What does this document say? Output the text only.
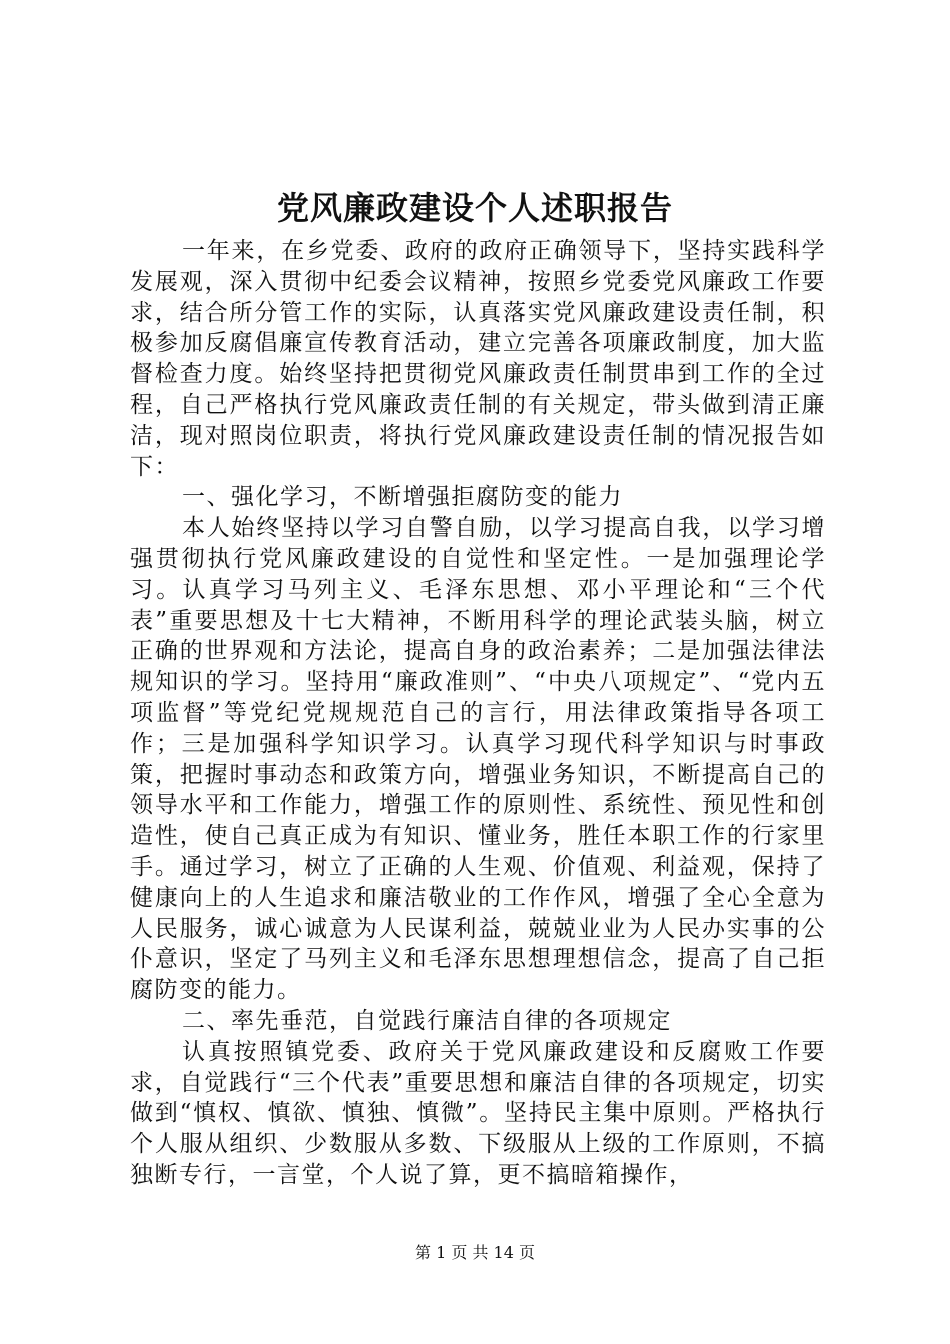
党风廉政建设个人述职报告

一年来，在乡党委、政府的政府正确领导下，坚持实践科学发展观，深入贯彻中纪委会议精神，按照乡党委党风廉政工作要求，结合所分管工作的实际，认真落实党风廉政建设责任制，积极参加反腐倡廉宣传教育活动，建立完善各项廉政制度，加大监督检查力度。始终坚持把贯彻党风廉政责任制贯串到工作的全过程，自己严格执行党风廉政责任制的有关规定，带头做到清正廉洁，现对照岗位职责，将执行党风廉政建设责任制的情况报告如下：

一、强化学习，不断增强拒腐防变的能力

本人始终坚持以学习自警自励，以学习提高自我，以学习增强贯彻执行党风廉政建设的自觉性和坚定性。一是加强理论学习。认真学习马列主义、毛泽东思想、邓小平理论和“三个代表”重要思想及十七大精神，不断用科学的理论武装头脑，树立正确的世界观和方法论，提高自身的政治素养；二是加强法律法规知识的学习。坚持用“廉政准则”、“中央八项规定”、“党内五项监督”等党纪党规规范自己的言行，用法律政策指导各项工作；三是加强科学知识学习。认真学习现代科学知识与时事政策，把握时事动态和政策方向，增强业务知识，不断提高自己的领导水平和工作能力，增强工作的原则性、系统性、预见性和创造性，使自己真正成为有知识、懂业务，胜任本职工作的行家里手。通过学习，树立了正确的人生观、价值观、利益观，保持了健康向上的人生追求和廉洁敬业的工作作风，增强了全心全意为人民服务，诚心诚意为人民谋利益，兢兢业业为人民办实事的公仆意识，坚定了马列主义和毛泽东思想理想信念，提高了自己拒腐防变的能力。

二、率先垂范，自觉践行廉洁自律的各项规定

认真按照镇党委、政府关于党风廉政建设和反腐败工作要求，自觉践行“三个代表”重要思想和廉洁自律的各项规定，切实做到“慎权、慎欲、慎独、慎微”。坚持民主集中原则。严格执行个人服从组织、少数服从多数、下级服从上级的工作原则，不搞独断专行，一言堂，个人说了算，更不搞暗箱操作，

第 1 页 共 14 页
